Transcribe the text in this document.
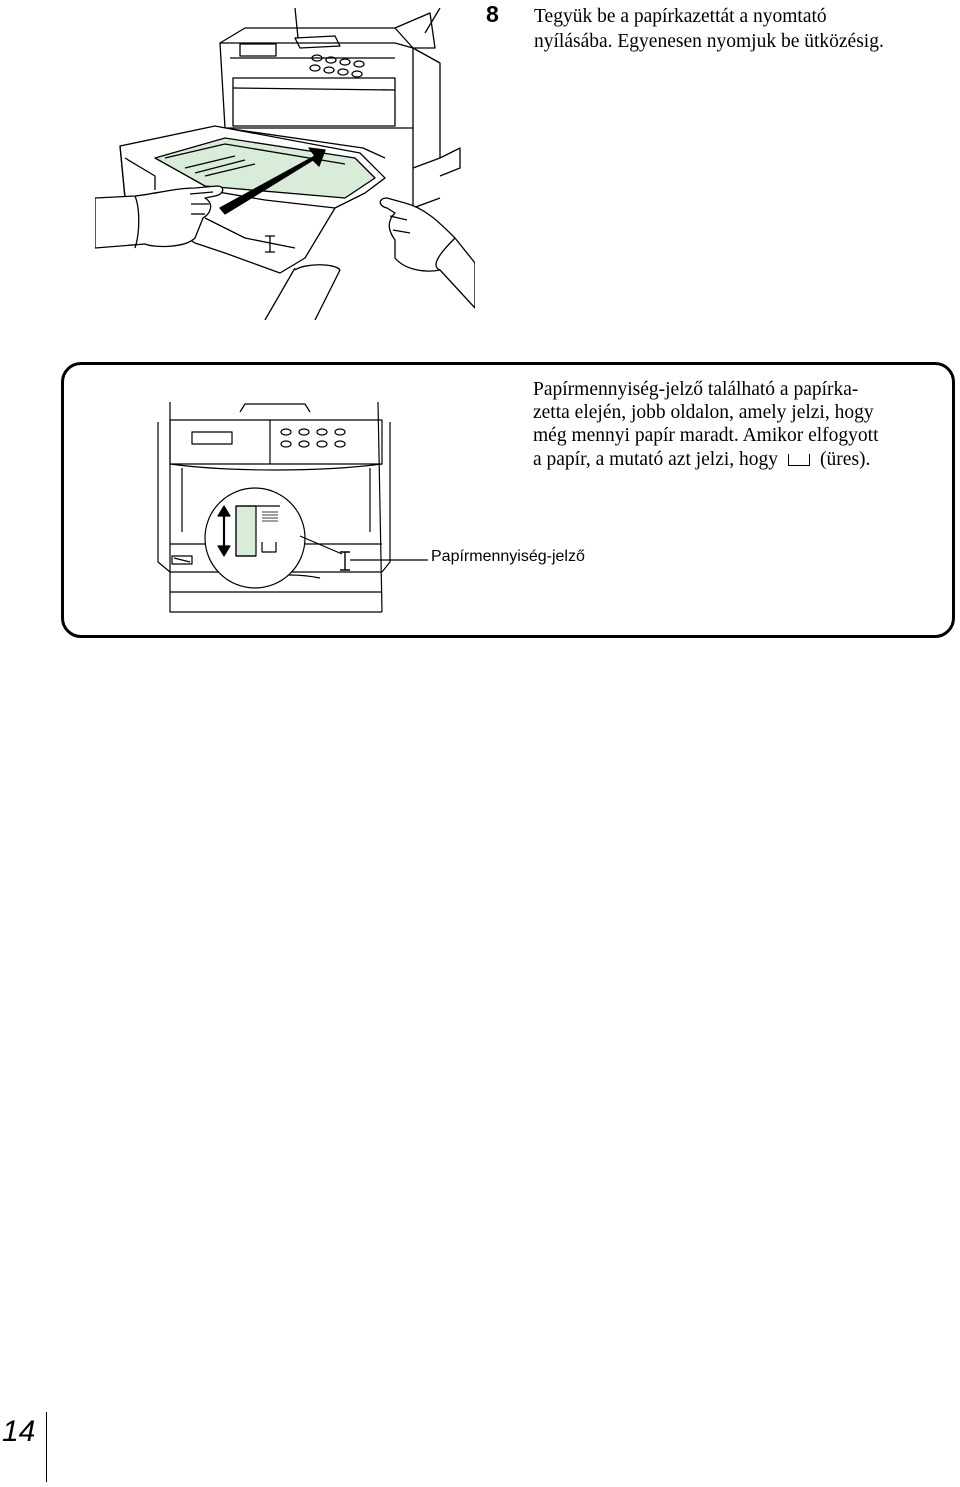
8 Tegyük be a papírkazettát a nyomtató
nyílásába. Egyenesen nyomjuk be ütközésig.
Papírmennyiség-jelző található a papírka-
zetta elején, jobb oldalon, amely jelzi, hogy
még mennyi papír maradt. Amikor elfogyott
a papír, a mutató azt jelzi, hogy (üres).
Papírmennyiség-jelző
14
